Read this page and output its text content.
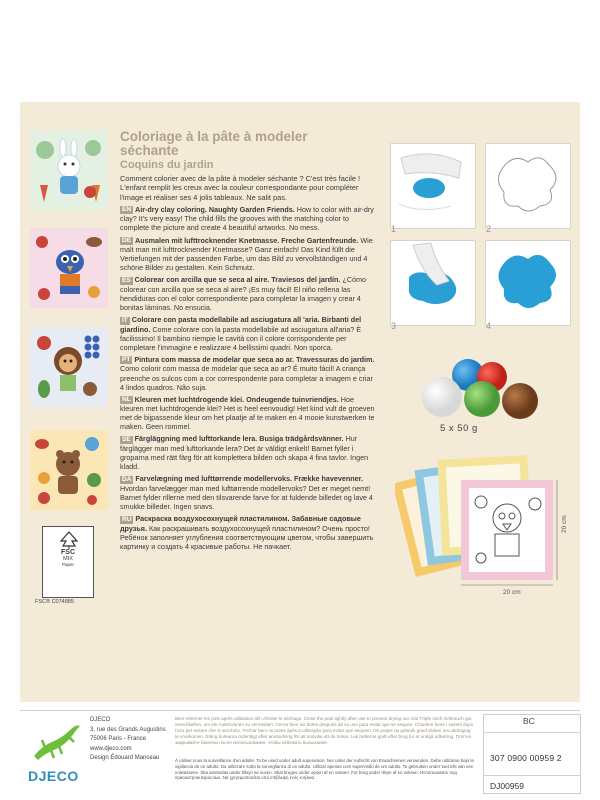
Coloriage à la pâte à modeler
séchante
Coquins du jardin
Comment colorier avec de la pâte à modeler séchante ? C'est très facile ! L'enfant remplit les creux avec la couleur correspondante pour compléter l'image et réaliser ses 4 jolis tableaux. Ne salit pas.
EN Air-dry clay coloring. Naughty Garden Friends. How to color with air-dry clay? It's very easy! The child fills the grooves with the matching color to complete the picture and create 4 beautiful artworks. No mess.
DE Ausmalen mit lufttrocknender Knetmasse. Freche Gartenfreunde. Wie malt man mit lufttrocknender Knetmasse? Ganz einfach! Das Kind füllt die Vertiefungen mit der passenden Farbe, um das Bild zu vervollständigen und 4 schöne Bilder zu gestalten. Kein Schmutz.
ES Colorear con arcilla que se seca al aire. Traviesos del jardín. ¿Cómo colorear con arcilla que se seca al aire? ¡Es muy fácil! El niño rellena las hendiduras con el color correspondiente para completar la imagen y crear 4 bonitas láminas. No ensucia.
IT Colorare con pasta modellabile ad asciugatura all 'aria. Birbanti del giardino. Come colorare con la pasta modellabile ad asciugatura all'aria? È facilissimo! Il bambino riempie le cavità con il colore corrispondente per completare l'immagine e realizzare 4 bellissimi quadri. Non sporca.
PT Pintura com massa de modelar que seca ao ar. Travessuras do jardim. Como colorir com massa de modelar que seca ao ar? É muito fácil! A criança preenche os sulcos com a cor correspondente para completar a imagem e criar 4 lindos quadros. Não suja.
NL Kleuren met luchtdrogende klei. Ondeugende tuinvriendjes. Hoe kleuren met luchtdrogende klei? Het is heel eenvoudig! Het kind vult de groeven met de bijpassende kleur om het plaatje af te maken en 4 mooie kunstwerken te maken. Geen rommel.
SE Färgläggning med lufttorkande lera. Busiga trädgårdsvänner. Hur färglägger man med lufttorkande lera? Det är väldigt enkelt! Barnet fyller i groparna med rätt färg för att komplettera bilden och skapa 4 fina tavlor. Ingen kladd.
DA Farvelægning med lufttørrende modellervoks. Frække havevenner. Hvordan farvelægger man med lufttørrende modellervoks? Det er meget nemt! Barnet fylder rillerne med den tilsvarende farve for at fuldende billedet og lave 4 smukke billeder. Ingen snavs.
RU Раскраска воздухосохнущей пластилином. Забавные садовые друзья. Как раскрашивать воздухосохнущей пластилином? Очень просто! Ребёнок заполняет углубления соответствующим цветом, чтобы завершить картинку и создать 4 красивые работы. Не пачкает.
1	2
3	4
5 x 50 g
20 cm
20 cm
FSC
MIX
Paper
FSC® C074885
DJECO
DJECO
3, rue des Grands Augustins
75006 Paris - France
www.djeco.com
Design Édouard Manceau
Bien refermer les pots après utilisation afin d'éviter le séchage. Close the pots tightly after use to prevent drying out. Die Töpfe nach Gebrauch gut verschließen, um ein Austrocknen zu vermeiden. Cerrar bien los botes después de su uso para evitar que se sequen. Chiudere bene i vasetti dopo l'uso per evitare che si secchino. Fechar bem os potes após a utilização para evitar que sequem. De potjes na gebruik goed sluiten om uitdroging te voorkomen. Stäng burkarna ordentligt efter användning för att undvika att de torkar. Luk bøtterne godt efter brug for at undgå udtørring. Плотно закрывайте баночки после использования, чтобы избежать высыхания.
À utiliser sous la surveillance d'un adulte. To be used under adult supervision. Nur unter der Aufsicht von Erwachsenen verwenden. Debe utilizarse bajo la vigilancia de un adulto. Da utilizzare sotto la sorveglianza di un adulto. Utilizar apenas com supervisão de um adulto. Te gebruiken onder toezicht van een volwassene. Ska användas under tillsyn av vuxen. Skal bruges under opsyn af en voksen. For brug under tilsyn af en voksen. Использовать под присмотром взрослых. Να χρησιμοποιείται υπό επίβλεψη ενός ενήλικα.
BC
307 0900 00959 2
DJ00959
